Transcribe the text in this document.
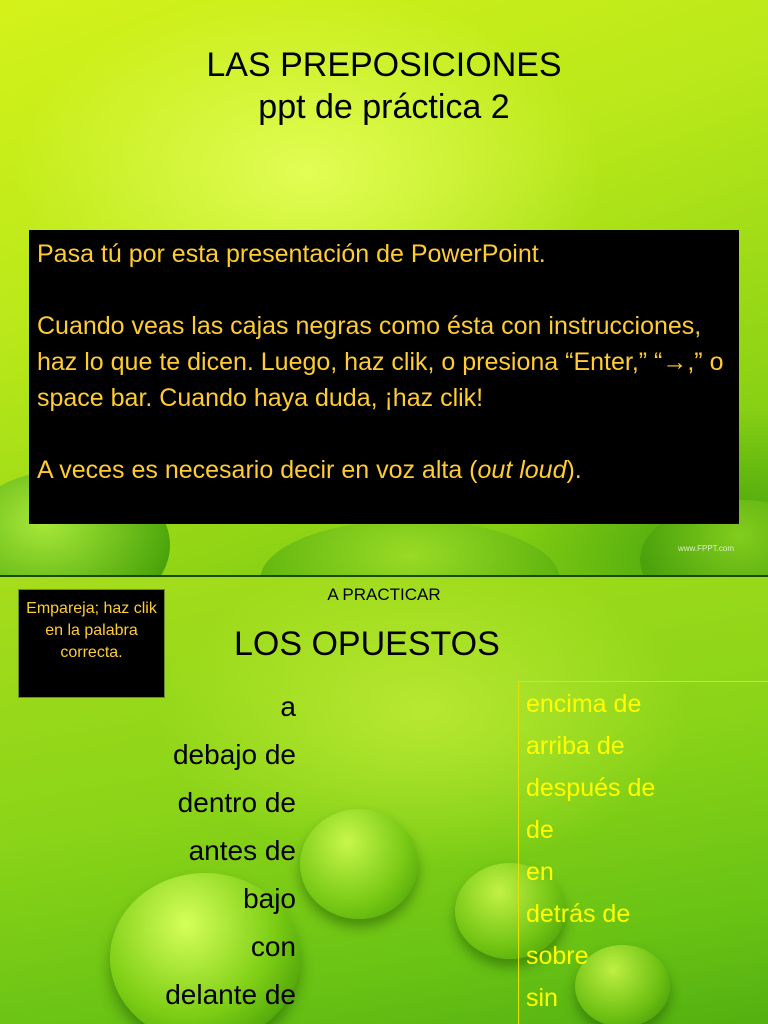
LAS PREPOSICIONES
ppt de práctica 2

Pasa tú por esta presentación de PowerPoint.

Cuando veas las cajas negras como ésta con instrucciones, haz lo que te dicen. Luego, haz clik, o presiona “Enter,” “→,” o space bar. Cuando haya duda, ¡haz clik!

A veces es necesario decir en voz alta (out loud).

www.FPPT.com
Empareja; haz clik en la palabra correcta.
A PRACTICAR
LOS OPUESTOS
a
debajo de
dentro de
antes de
bajo
con
delante de
encima de
arriba de
después de
de
en
detrás de
sobre
sin
